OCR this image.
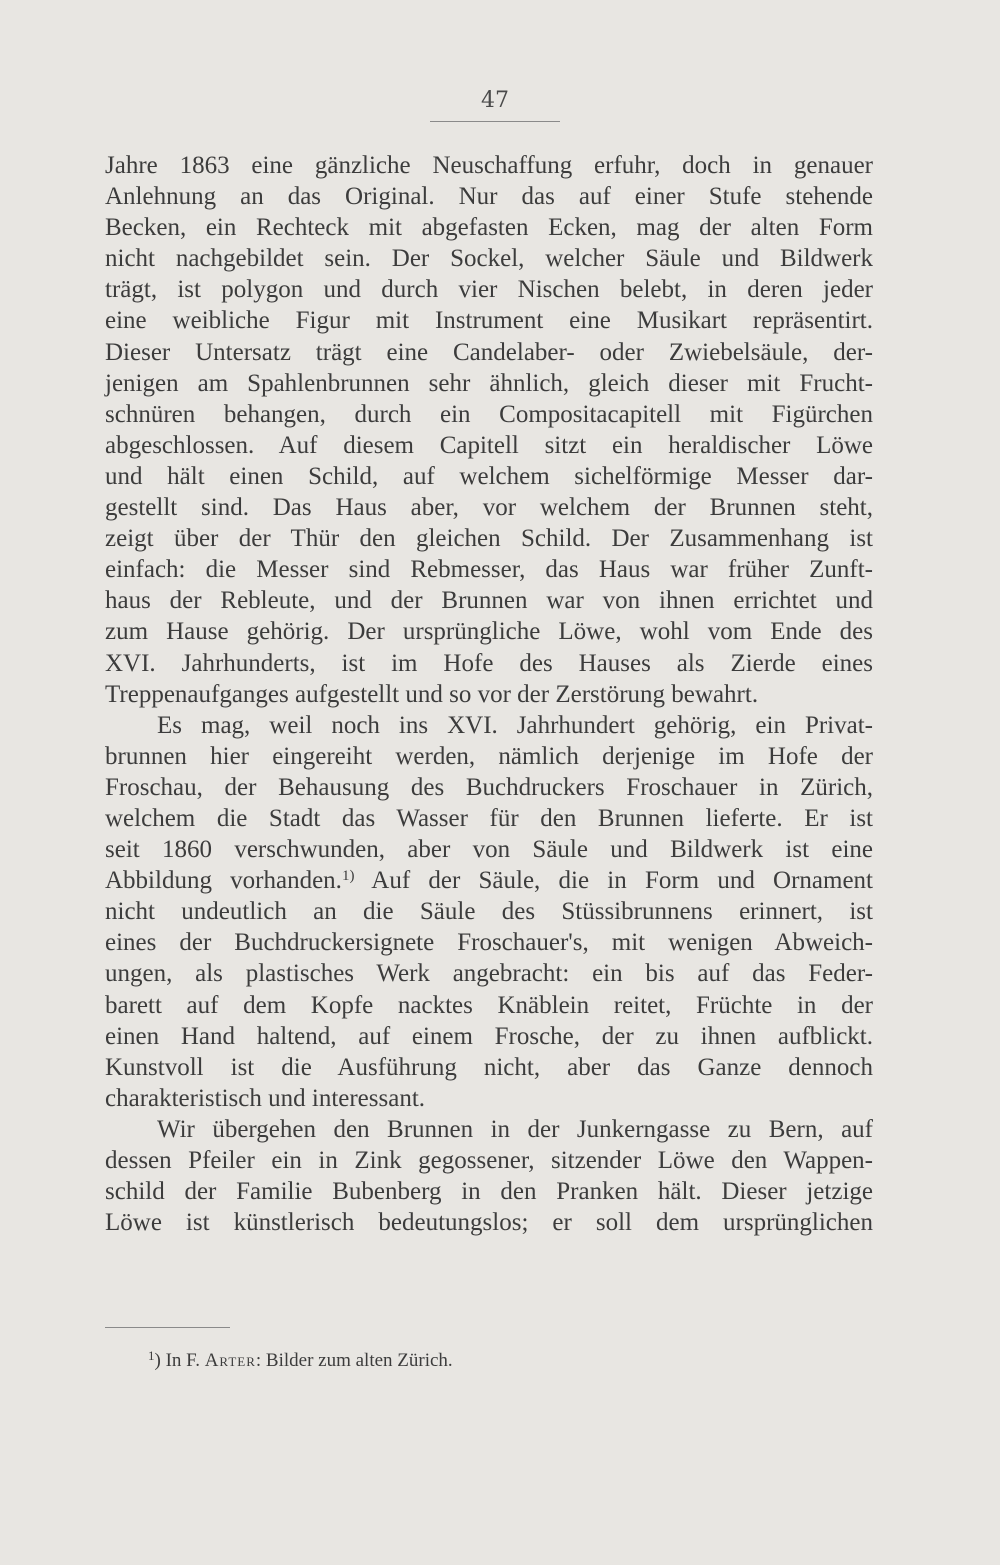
47
Jahre 1863 eine gänzliche Neuschaffung erfuhr, doch in genauer
Anlehnung an das Original. Nur das auf einer Stufe stehende
Becken, ein Rechteck mit abgefasten Ecken, mag der alten Form
nicht nachgebildet sein. Der Sockel, welcher Säule und Bildwerk
trägt, ist polygon und durch vier Nischen belebt, in deren jeder
eine weibliche Figur mit Instrument eine Musikart repräsentirt.
Dieser Untersatz trägt eine Candelaber- oder Zwiebelsäule, der-
jenigen am Spahlenbrunnen sehr ähnlich, gleich dieser mit Frucht-
schnüren behangen, durch ein Compositacapitell mit Figürchen
abgeschlossen. Auf diesem Capitell sitzt ein heraldischer Löwe
und hält einen Schild, auf welchem sichelförmige Messer dar-
gestellt sind. Das Haus aber, vor welchem der Brunnen steht,
zeigt über der Thür den gleichen Schild. Der Zusammenhang ist
einfach: die Messer sind Rebmesser, das Haus war früher Zunft-
haus der Rebleute, und der Brunnen war von ihnen errichtet und
zum Hause gehörig. Der ursprüngliche Löwe, wohl vom Ende des
XVI. Jahrhunderts, ist im Hofe des Hauses als Zierde eines
Treppenaufganges aufgestellt und so vor der Zerstörung bewahrt.
Es mag, weil noch ins XVI. Jahrhundert gehörig, ein Privat-
brunnen hier eingereiht werden, nämlich derjenige im Hofe der
Froschau, der Behausung des Buchdruckers Froschauer in Zürich,
welchem die Stadt das Wasser für den Brunnen lieferte. Er ist
seit 1860 verschwunden, aber von Säule und Bildwerk ist eine
Abbildung vorhanden.$^{1)}$ Auf der Säule, die in Form und Ornament
nicht undeutlich an die Säule des Stüssibrunnens erinnert, ist
eines der Buchdruckersignete Froschauer's, mit wenigen Abweich-
ungen, als plastisches Werk angebracht: ein bis auf das Feder-
barett auf dem Kopfe nacktes Knäblein reitet, Früchte in der
einen Hand haltend, auf einem Frosche, der zu ihnen aufblickt.
Kunstvoll ist die Ausführung nicht, aber das Ganze dennoch
charakteristisch und interessant.
Wir übergehen den Brunnen in der Junkerngasse zu Bern, auf
dessen Pfeiler ein in Zink gegossener, sitzender Löwe den Wappen-
schild der Familie Bubenberg in den Pranken hält. Dieser jetzige
Löwe ist künstlerisch bedeutungslos; er soll dem ursprünglichen
$^1$) In F. Arter: Bilder zum alten Zürich.
